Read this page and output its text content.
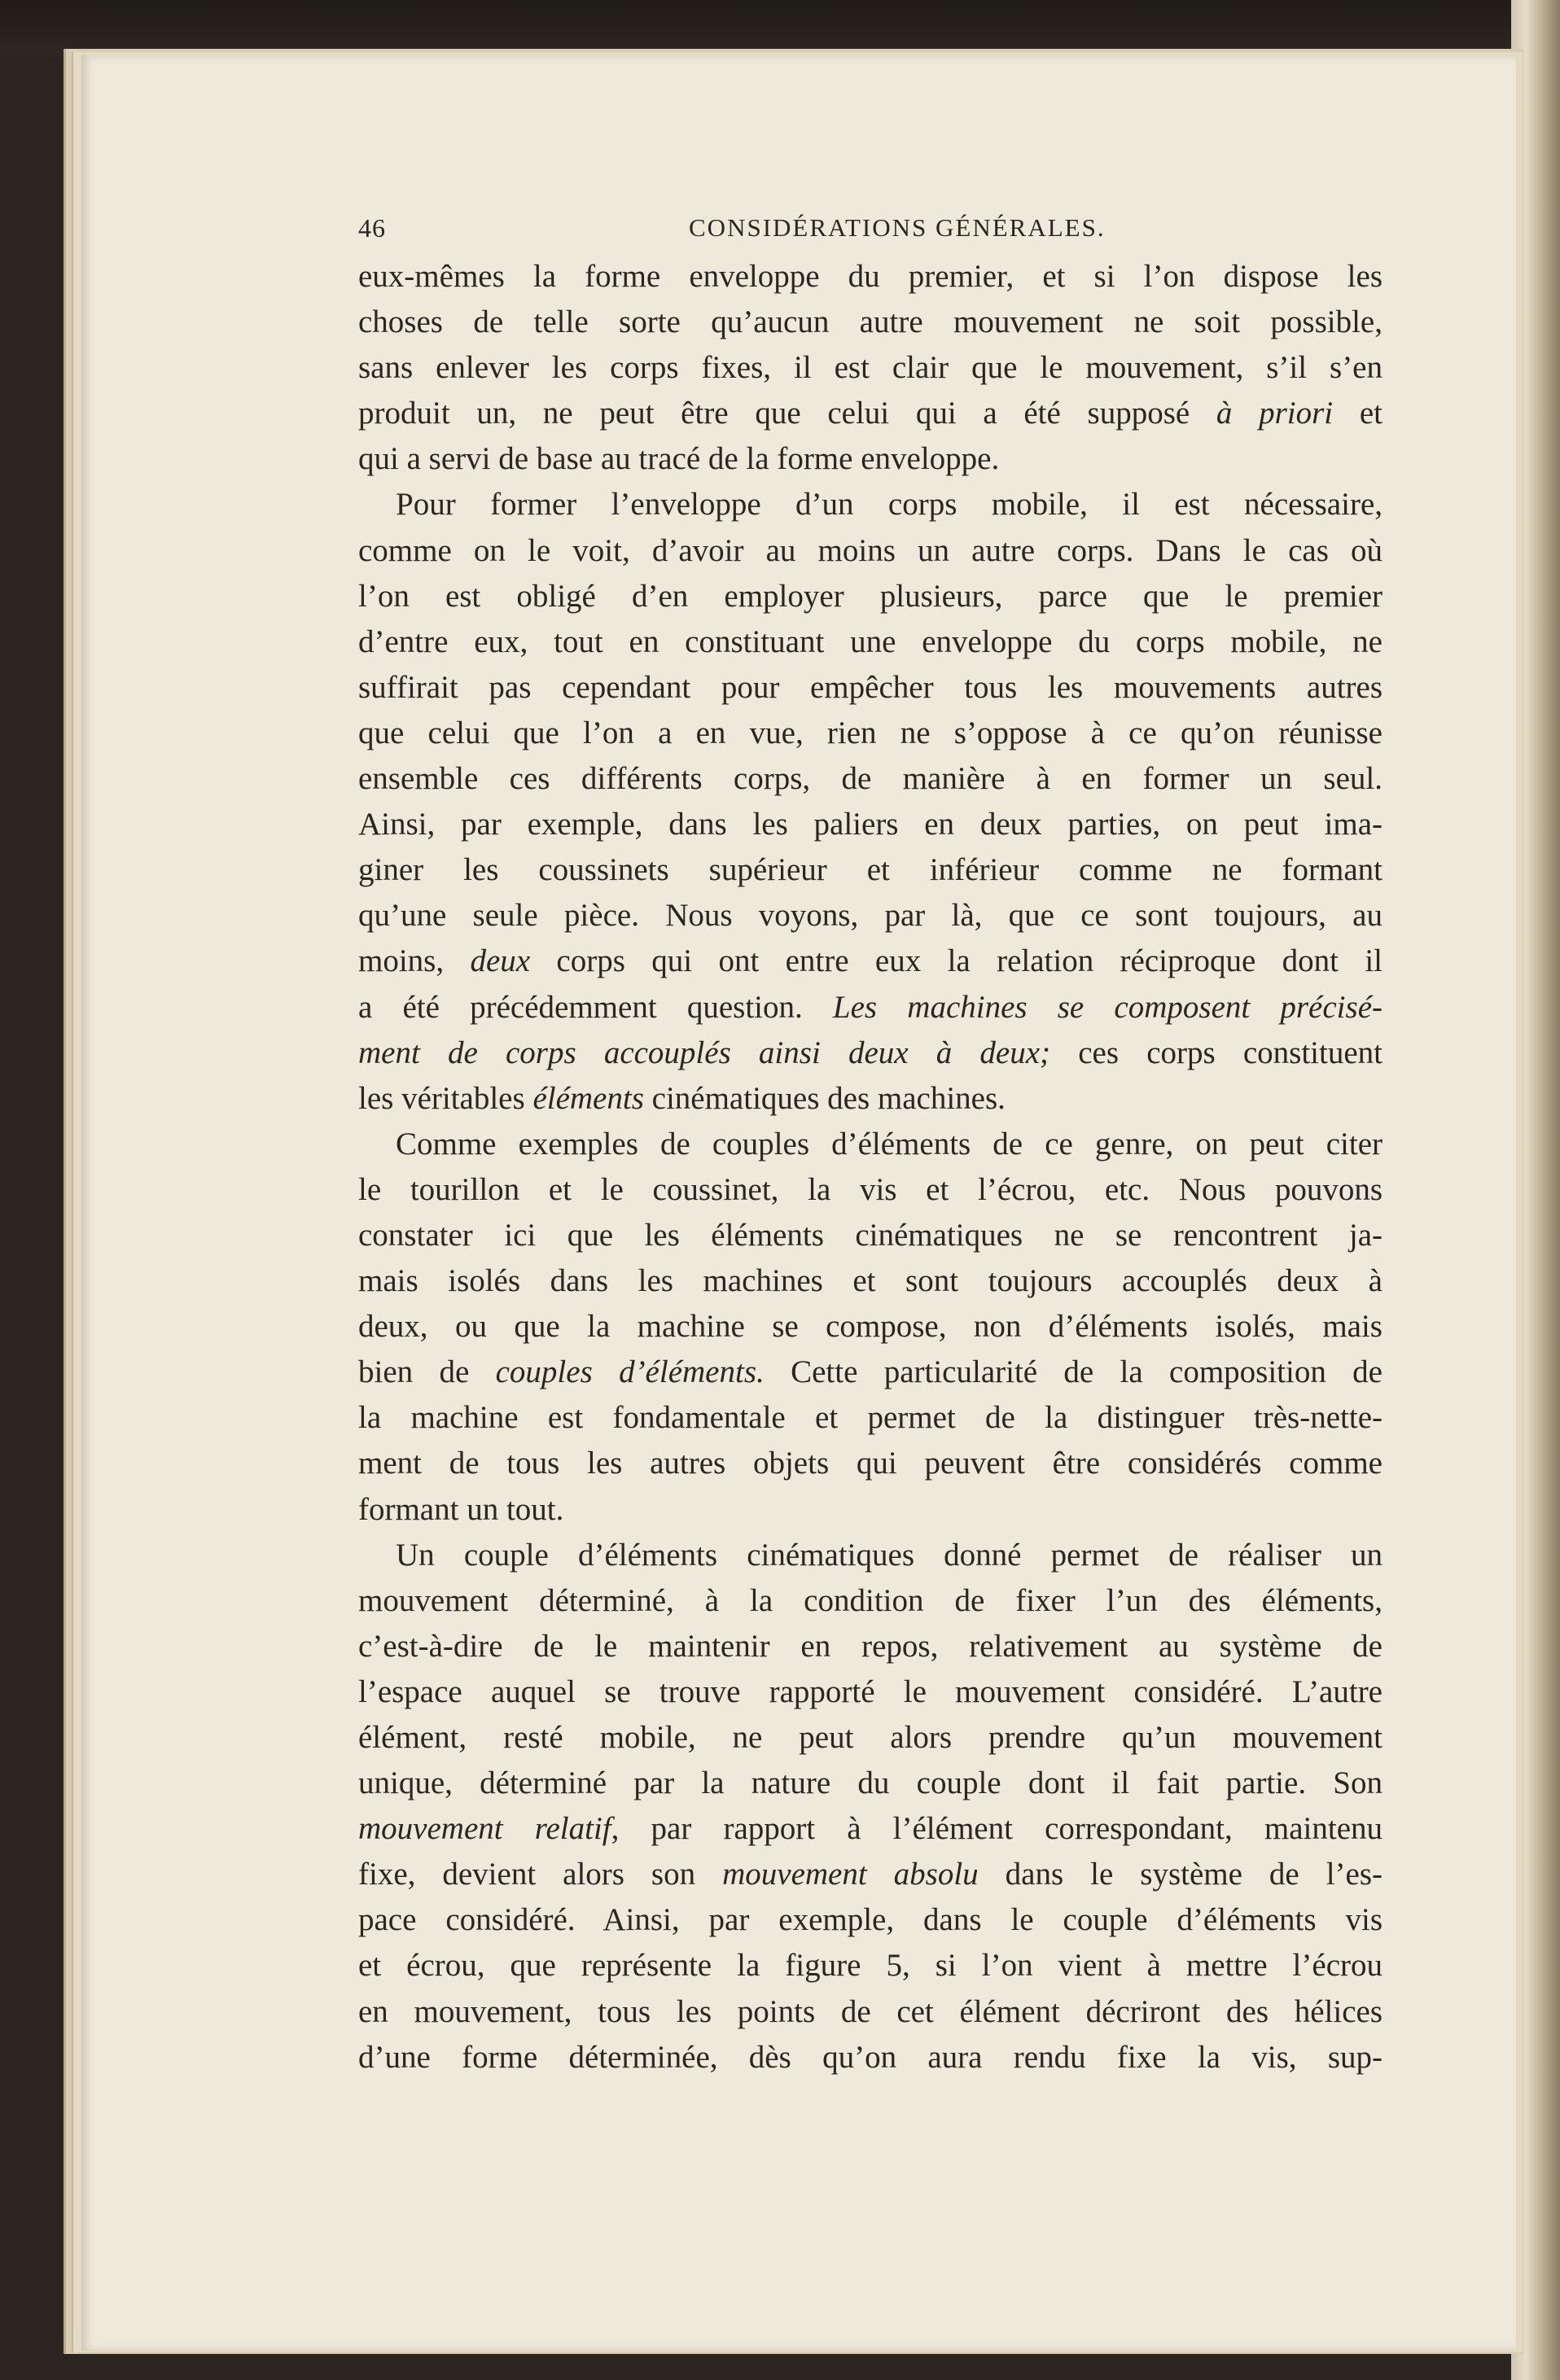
46	CONSIDÉRATIONS GÉNÉRALES.
eux-mêmes la forme enveloppe du premier, et si l’on dispose les
choses de telle sorte qu’aucun autre mouvement ne soit possible,
sans enlever les corps fixes, il est clair que le mouvement, s’il s’en
produit un, ne peut être que celui qui a été supposé à priori et
qui a servi de base au tracé de la forme enveloppe.
Pour former l’enveloppe d’un corps mobile, il est nécessaire,
comme on le voit, d’avoir au moins un autre corps. Dans le cas où
l’on est obligé d’en employer plusieurs, parce que le premier
d’entre eux, tout en constituant une enveloppe du corps mobile, ne
suffirait pas cependant pour empêcher tous les mouvements autres
que celui que l’on a en vue, rien ne s’oppose à ce qu’on réunisse
ensemble ces différents corps, de manière à en former un seul.
Ainsi, par exemple, dans les paliers en deux parties, on peut ima-
giner les coussinets supérieur et inférieur comme ne formant
qu’une seule pièce. Nous voyons, par là, que ce sont toujours, au
moins, deux corps qui ont entre eux la relation réciproque dont il
a été précédemment question. Les machines se composent précisé-
ment de corps accouplés ainsi deux à deux; ces corps constituent
les véritables éléments cinématiques des machines.
Comme exemples de couples d’éléments de ce genre, on peut citer
le tourillon et le coussinet, la vis et l’écrou, etc. Nous pouvons
constater ici que les éléments cinématiques ne se rencontrent ja-
mais isolés dans les machines et sont toujours accouplés deux à
deux, ou que la machine se compose, non d’éléments isolés, mais
bien de couples d’éléments. Cette particularité de la composition de
la machine est fondamentale et permet de la distinguer très-nette-
ment de tous les autres objets qui peuvent être considérés comme
formant un tout.
Un couple d’éléments cinématiques donné permet de réaliser un
mouvement déterminé, à la condition de fixer l’un des éléments,
c’est-à-dire de le maintenir en repos, relativement au système de
l’espace auquel se trouve rapporté le mouvement considéré. L’autre
élément, resté mobile, ne peut alors prendre qu’un mouvement
unique, déterminé par la nature du couple dont il fait partie. Son
mouvement relatif, par rapport à l’élément correspondant, maintenu
fixe, devient alors son mouvement absolu dans le système de l’es-
pace considéré. Ainsi, par exemple, dans le couple d’éléments vis
et écrou, que représente la figure 5, si l’on vient à mettre l’écrou
en mouvement, tous les points de cet élément décriront des hélices
d’une forme déterminée, dès qu’on aura rendu fixe la vis, sup-
